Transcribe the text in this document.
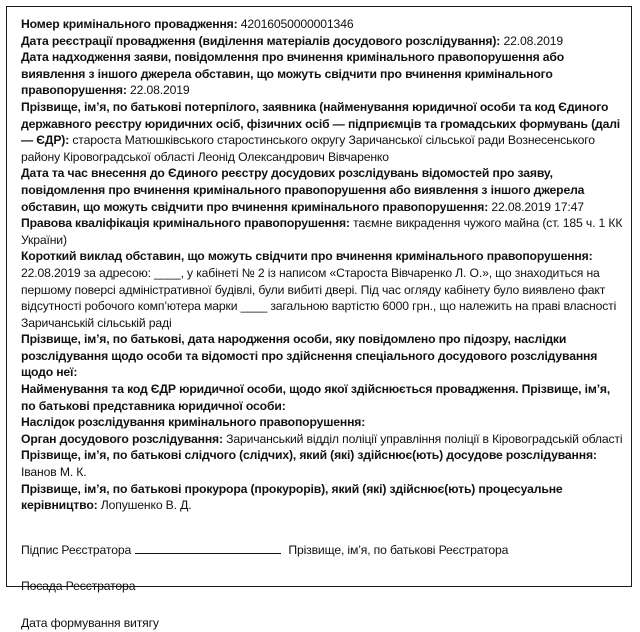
Номер кримінального провадження: 42016050000001346
Дата реєстрації провадження (виділення матеріалів досудового розслідування): 22.08.2019
Дата надходження заяви, повідомлення про вчинення кримінального правопорушення або виявлення з іншого джерела обставин, що можуть свідчити про вчинення кримінального правопорушення: 22.08.2019
Прізвище, ім’я, по батькові потерпілого, заявника (найменування юридичної особи та код Єдиного державного реєстру юридичних осіб, фізичних осіб — підприємців та громадських формувань (далі — ЄДР): староста Матюшківського старостинського округу Заричанської сільської ради Вознесенського району Кіровоградської області Леонід Олександрович Вівчаренко
Дата та час внесення до Єдиного реєстру досудових розслідувань відомостей про заяву, повідомлення про вчинення кримінального правопорушення або виявлення з іншого джерела обставин, що можуть свідчити про вчинення кримінального правопорушення: 22.08.2019 17:47
Правова кваліфікація кримінального правопорушення: таємне викрадення чужого майна (ст. 185 ч. 1 КК України)
Короткий виклад обставин, що можуть свідчити про вчинення кримінального правопорушення: 22.08.2019 за адресою: ____, у кабінеті № 2 із написом «Староста Вівчаренко Л. О.», що знаходиться на першому поверсі адміністративної будівлі, були вибиті двері. Під час огляду кабінету було виявлено факт відсутності робочого комп’ютера марки ____ загальною вартістю 6000 грн., що належить на праві власності Заричанській сільській раді
Прізвище, ім’я, по батькові, дата народження особи, яку повідомлено про підозру, наслідки розслідування щодо особи та відомості про здійснення спеціального досудового розслідування щодо неї:
Найменування та код ЄДР юридичної особи, щодо якої здійснюється провадження. Прізвище, ім’я, по батькові представника юридичної особи:
Наслідок розслідування кримінального правопорушення:
Орган досудового розслідування: Заричанський відділ поліції управління поліції в Кіровоградській області
Прізвище, ім’я, по батькові слідчого (слідчих), який (які) здійснює(ють) досудове розслідування: Іванов М. К.
Прізвище, ім’я, по батькові прокурора (прокурорів), який (які) здійснює(ють) процесуальне керівництво: Лопушенко В. Д.
Підпис Реєстратора	Прізвище, ім’я, по батькові Реєстратора
Посада Реєстратора
Дата формування витягу
